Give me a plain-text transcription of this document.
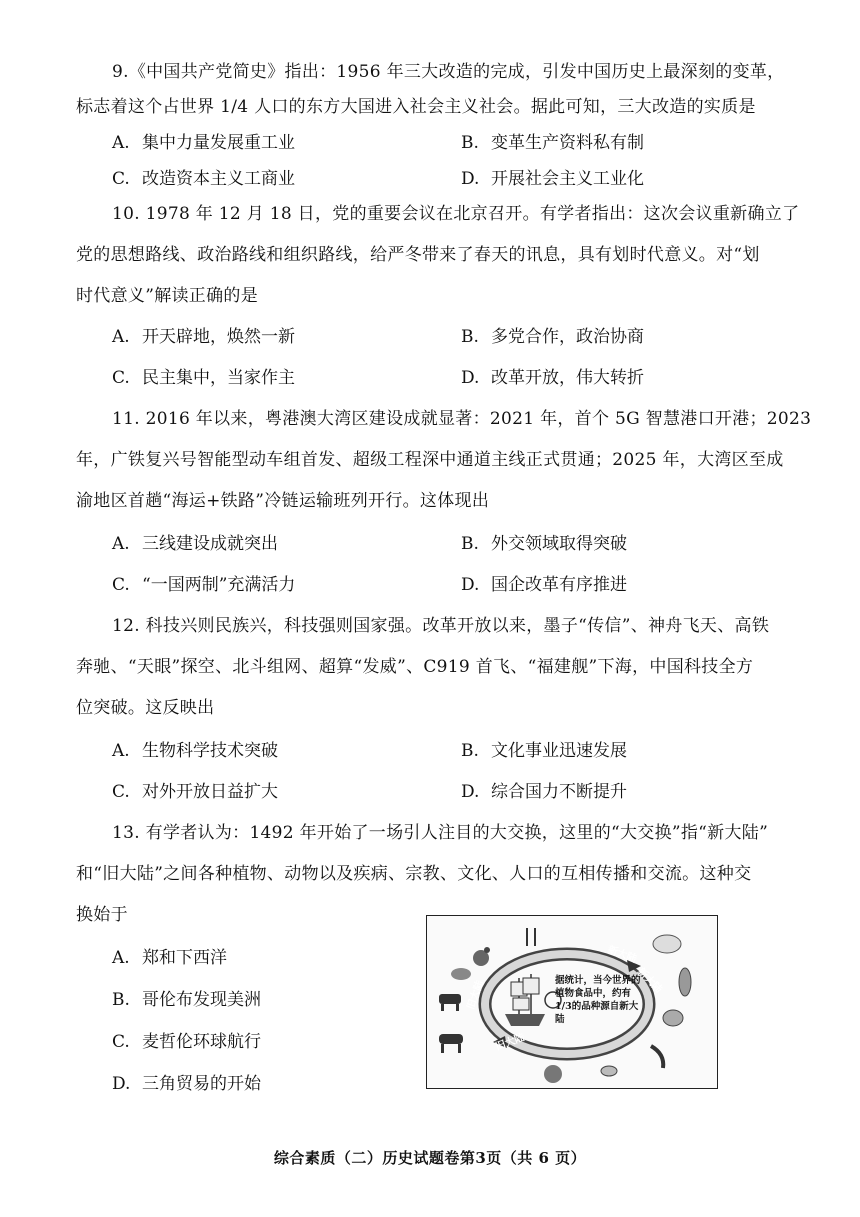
9.《中国共产党简史》指出：1956 年三大改造的完成，引发中国历史上最深刻的变革，
标志着这个占世界 1/4 人口的东方大国进入社会主义社会。据此可知，三大改造的实质是
A. 集中力量发展重工业	B. 变革生产资料私有制
C. 改造资本主义工商业	D. 开展社会主义工业化
10. 1978 年 12 月 18 日，党的重要会议在北京召开。有学者指出：这次会议重新确立了
党的思想路线、政治路线和组织路线，给严冬带来了春天的讯息，具有划时代意义。对“划
时代意义”解读正确的是
A. 开天辟地，焕然一新	B. 多党合作，政治协商
C. 民主集中，当家作主	D. 改革开放，伟大转折
11. 2016 年以来，粤港澳大湾区建设成就显著：2021 年，首个 5G 智慧港口开港；2023
年，广铁复兴号智能型动车组首发、超级工程深中通道主线正式贯通；2025 年，大湾区至成
渝地区首趟“海运+铁路”冷链运输班列开行。这体现出
A. 三线建设成就突出	B. 外交领域取得突破
C. “一国两制”充满活力	D. 国企改革有序推进
12. 科技兴则民族兴，科技强则国家强。改革开放以来，墨子“传信”、神舟飞天、高铁
奔驰、“天眼”探空、北斗组网、超算“发威”、C919 首飞、“福建舰”下海，中国科技全方
位突破。这反映出
A. 生物科学技术突破	B. 文化事业迅速发展
C. 对外开放日益扩大	D. 综合国力不断提升
13. 有学者认为：1492 年开始了一场引人注目的大交换，这里的“大交换”指“新大陆”
和“旧大陆”之间各种植物、动物以及疾病、宗教、文化、人口的互相传播和交流。这种交
换始于
A. 郑和下西洋
B. 哥伦布发现美洲
C. 麦哲伦环球航行
D. 三角贸易的开始
旧大陆
新大陆
新大陆
旧大陆
据统计，当今世界的植物食品中，约有1/3的品种源自新大陆
综合素质（二）历史试题卷第3页（共 6 页）
